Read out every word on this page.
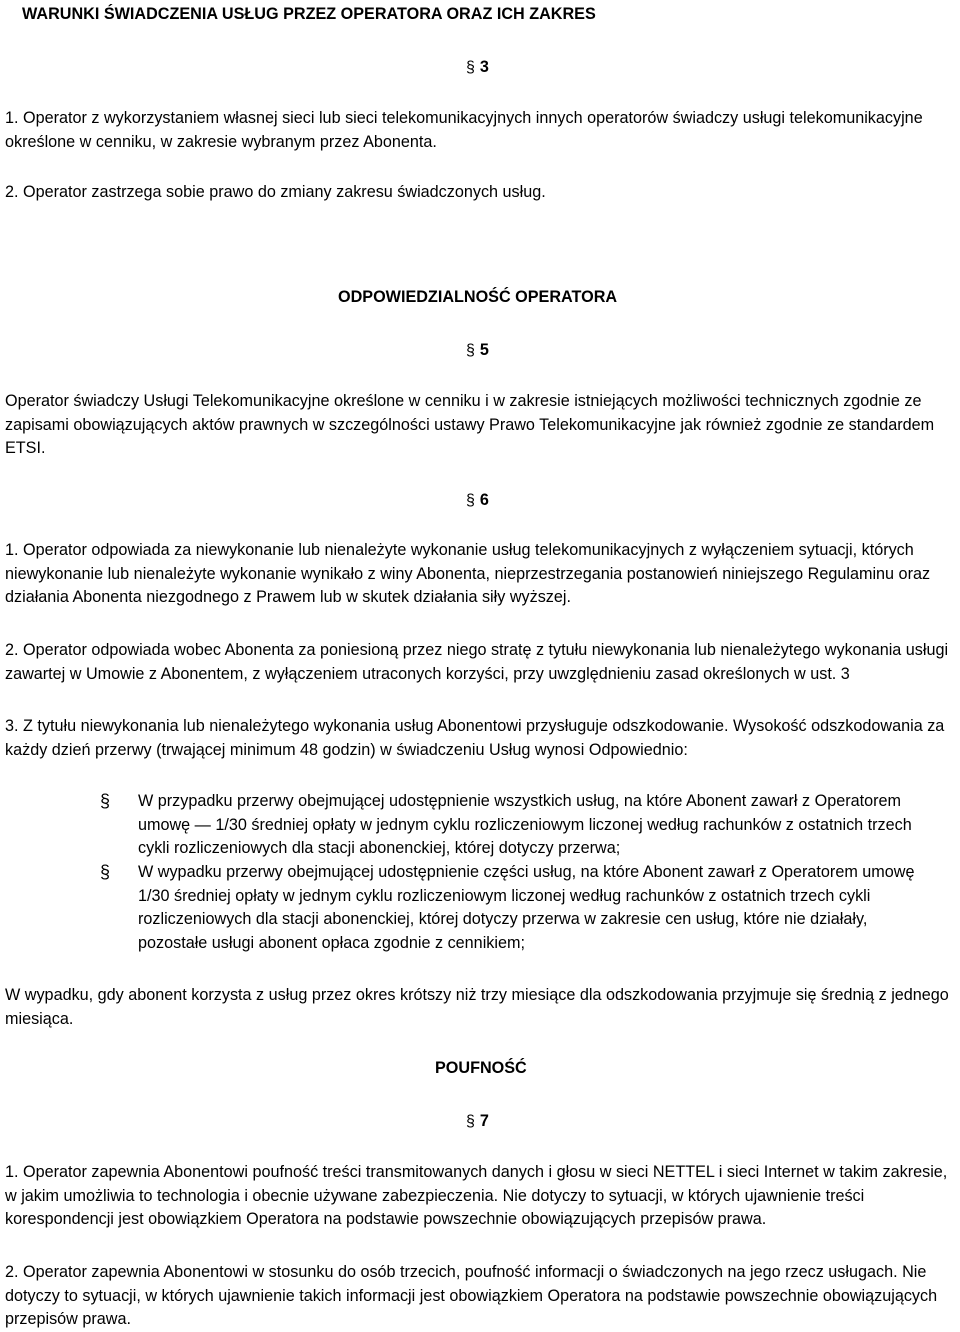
WARUNKI ŚWIADCZENIA USŁUG PRZEZ OPERATORA ORAZ ICH ZAKRES
§ 3

1. Operator z wykorzystaniem własnej sieci lub sieci telekomunikacyjnych innych operatorów świadczy usługi telekomunikacyjne określone w cenniku, w zakresie wybranym przez Abonenta.

2. Operator zastrzega sobie prawo do zmiany zakresu świadczonych usług.

ODPOWIEDZIALNOŚĆ OPERATORA
§ 5

Operator świadczy Usługi Telekomunikacyjne określone w cenniku i w zakresie istniejących możliwości technicznych zgodnie ze zapisami obowiązujących aktów prawnych w szczególności ustawy Prawo Telekomunikacyjne jak również zgodnie ze standardem ETSI.

§ 6

1. Operator odpowiada za niewykonanie lub nienależyte wykonanie usług telekomunikacyjnych z wyłączeniem sytuacji, których niewykonanie lub nienależyte wykonanie wynikało z winy Abonenta, nieprzestrzegania postanowień niniejszego Regulaminu oraz działania Abonenta niezgodnego z Prawem lub w skutek działania siły wyższej.

2. Operator odpowiada wobec Abonenta za poniesioną przez niego stratę z tytułu niewykonania lub nienależytego wykonania usługi zawartej w Umowie z Abonentem, z wyłączeniem utraconych korzyści, przy uwzględnieniu zasad określonych w ust. 3

3. Z tytułu niewykonania lub nienależytego wykonania usług Abonentowi przysługuje odszkodowanie. Wysokość odszkodowania za każdy dzień przerwy (trwającej minimum 48 godzin) w świadczeniu Usług wynosi Odpowiednio:

§	W przypadku przerwy obejmującej udostępnienie wszystkich usług, na które Abonent zawarł z Operatorem umowę — 1/30 średniej opłaty w jednym cyklu rozliczeniowym liczonej według rachunków z ostatnich trzech cykli rozliczeniowych dla stacji abonenckiej, której dotyczy przerwa;
§	W wypadku przerwy obejmującej udostępnienie części usług, na które Abonent zawarł z Operatorem umowę 1/30 średniej opłaty w jednym cyklu rozliczeniowym liczonej według rachunków z ostatnich trzech cykli rozliczeniowych dla stacji abonenckiej, której dotyczy przerwa w zakresie cen usług, które nie działały, pozostałe usługi abonent opłaca zgodnie z cennikiem;

W wypadku, gdy abonent korzysta z usług przez okres krótszy niż trzy miesiące dla odszkodowania przyjmuje się średnią z jednego miesiąca.

POUFNOŚĆ
§ 7

1. Operator zapewnia Abonentowi poufność treści transmitowanych danych i głosu w sieci NETTEL i sieci Internet w takim zakresie, w jakim umożliwia to technologia i obecnie używane zabezpieczenia. Nie dotyczy to sytuacji, w których ujawnienie treści korespondencji jest obowiązkiem Operatora na podstawie powszechnie obowiązujących przepisów prawa.

2. Operator zapewnia Abonentowi w stosunku do osób trzecich, poufność informacji o świadczonych na jego rzecz usługach. Nie dotyczy to sytuacji, w których ujawnienie takich informacji jest obowiązkiem Operatora na podstawie powszechnie obowiązujących przepisów prawa.
